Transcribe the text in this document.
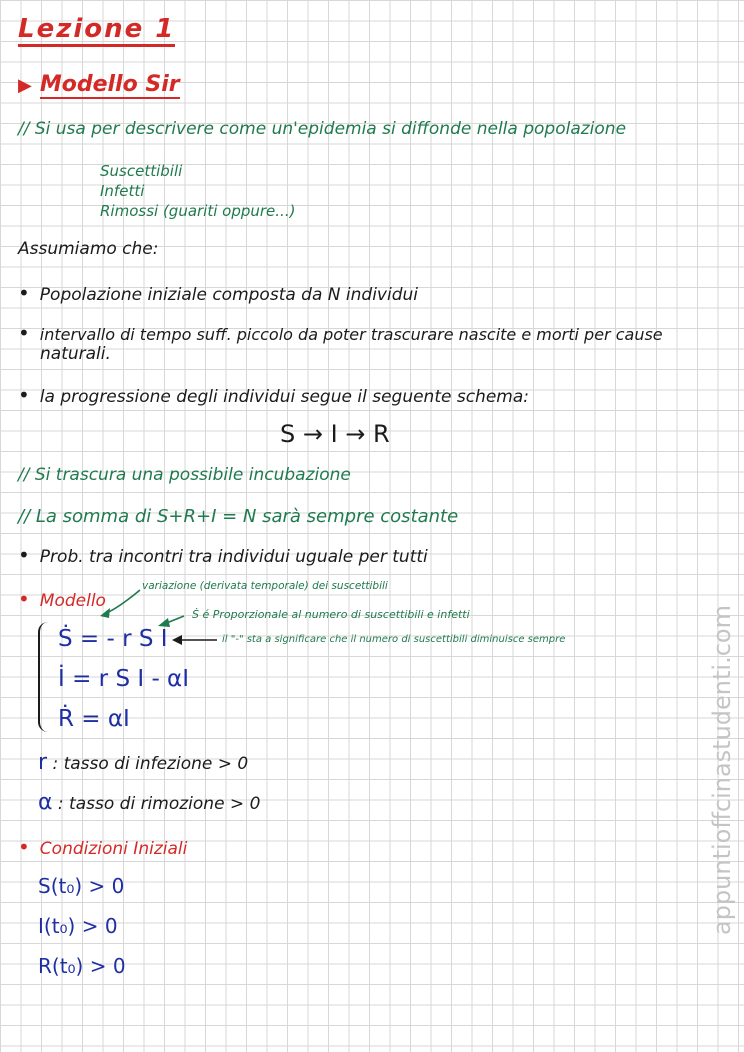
Lezione 1
▶ Modello Sir
// Si usa per descrivere come un'epidemia si diffonde nella popolazione
Suscettibili
Infetti
Rimossi (guariti oppure...)
Assumiamo che:
• Popolazione iniziale composta da N individui
• intervallo di tempo suff. piccolo da poter trascurare nascite e morti per cause
naturali.
• la progressione degli individui segue il seguente schema:
S → I → R
// Si trascura una possibile incubazione
// La somma di S+R+I = N sarà sempre costante
• Prob. tra incontri tra individui uguale per tutti
• Modello
variazione (derivata temporale) dei suscettibili
Ṡ é Proporzionale al numero di suscettibili e infetti
il "-" sta a significare che il numero di suscettibili diminuisce sempre
Ṡ = - r S I
İ = r S I - αI
Ṙ = αI
r : tasso di infezione > 0
α : tasso di rimozione > 0
• Condizioni Iniziali
S(t₀) > 0
I(t₀) > 0
R(t₀) > 0
appuntioffcinastudenti.com
